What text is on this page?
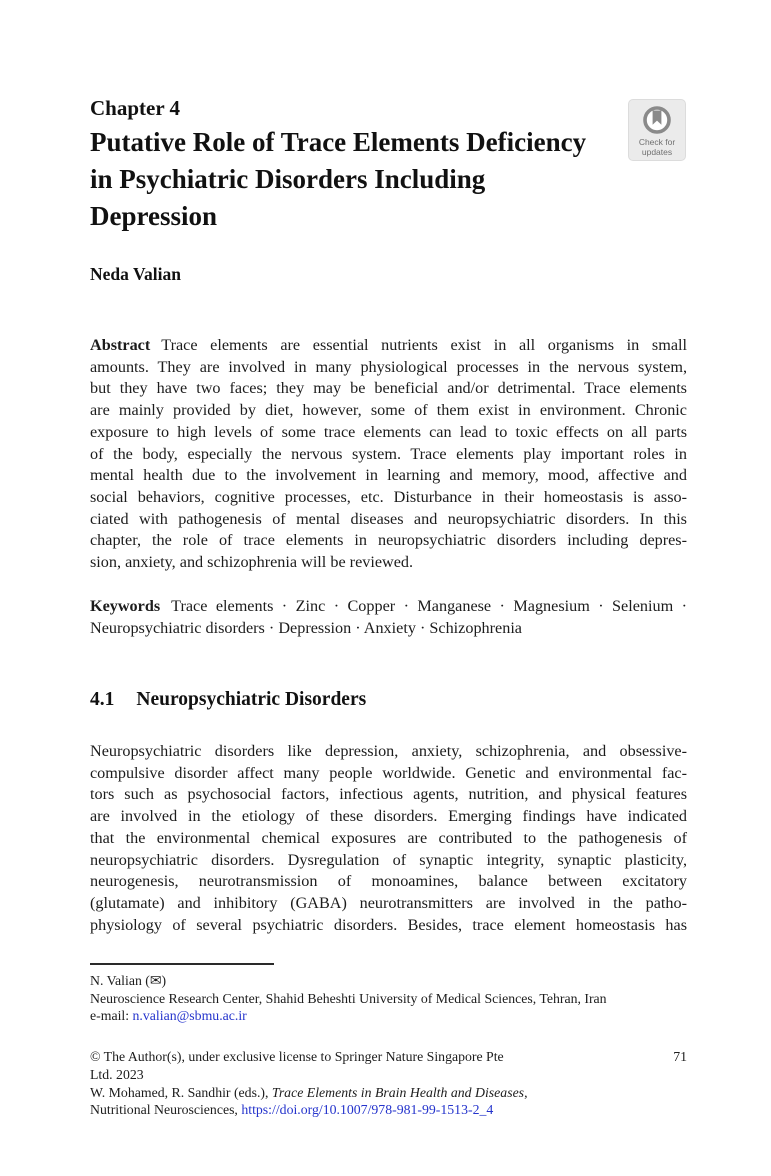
Chapter 4
Putative Role of Trace Elements Deficiency
in Psychiatric Disorders Including
Depression
Check for
updates
Neda Valian
Abstract Trace elements are essential nutrients exist in all organisms in small
amounts. They are involved in many physiological processes in the nervous system,
but they have two faces; they may be beneficial and/or detrimental. Trace elements
are mainly provided by diet, however, some of them exist in environment. Chronic
exposure to high levels of some trace elements can lead to toxic effects on all parts
of the body, especially the nervous system. Trace elements play important roles in
mental health due to the involvement in learning and memory, mood, affective and
social behaviors, cognitive processes, etc. Disturbance in their homeostasis is asso-
ciated with pathogenesis of mental diseases and neuropsychiatric disorders. In this
chapter, the role of trace elements in neuropsychiatric disorders including depres-
sion, anxiety, and schizophrenia will be reviewed.
Keywords Trace elements · Zinc · Copper · Manganese · Magnesium · Selenium ·
Neuropsychiatric disorders · Depression · Anxiety · Schizophrenia
4.1 Neuropsychiatric Disorders
Neuropsychiatric disorders like depression, anxiety, schizophrenia, and obsessive-
compulsive disorder affect many people worldwide. Genetic and environmental fac-
tors such as psychosocial factors, infectious agents, nutrition, and physical features
are involved in the etiology of these disorders. Emerging findings have indicated
that the environmental chemical exposures are contributed to the pathogenesis of
neuropsychiatric disorders. Dysregulation of synaptic integrity, synaptic plasticity,
neurogenesis, neurotransmission of monoamines, balance between excitatory
(glutamate) and inhibitory (GABA) neurotransmitters are involved in the patho-
physiology of several psychiatric disorders. Besides, trace element homeostasis has
N. Valian (✉)
Neuroscience Research Center, Shahid Beheshti University of Medical Sciences, Tehran, Iran
e-mail: n.valian@sbmu.ac.ir
© The Author(s), under exclusive license to Springer Nature Singapore Pte	71
Ltd. 2023
W. Mohamed, R. Sandhir (eds.), Trace Elements in Brain Health and Diseases,
Nutritional Neurosciences, https://doi.org/10.1007/978-981-99-1513-2_4
